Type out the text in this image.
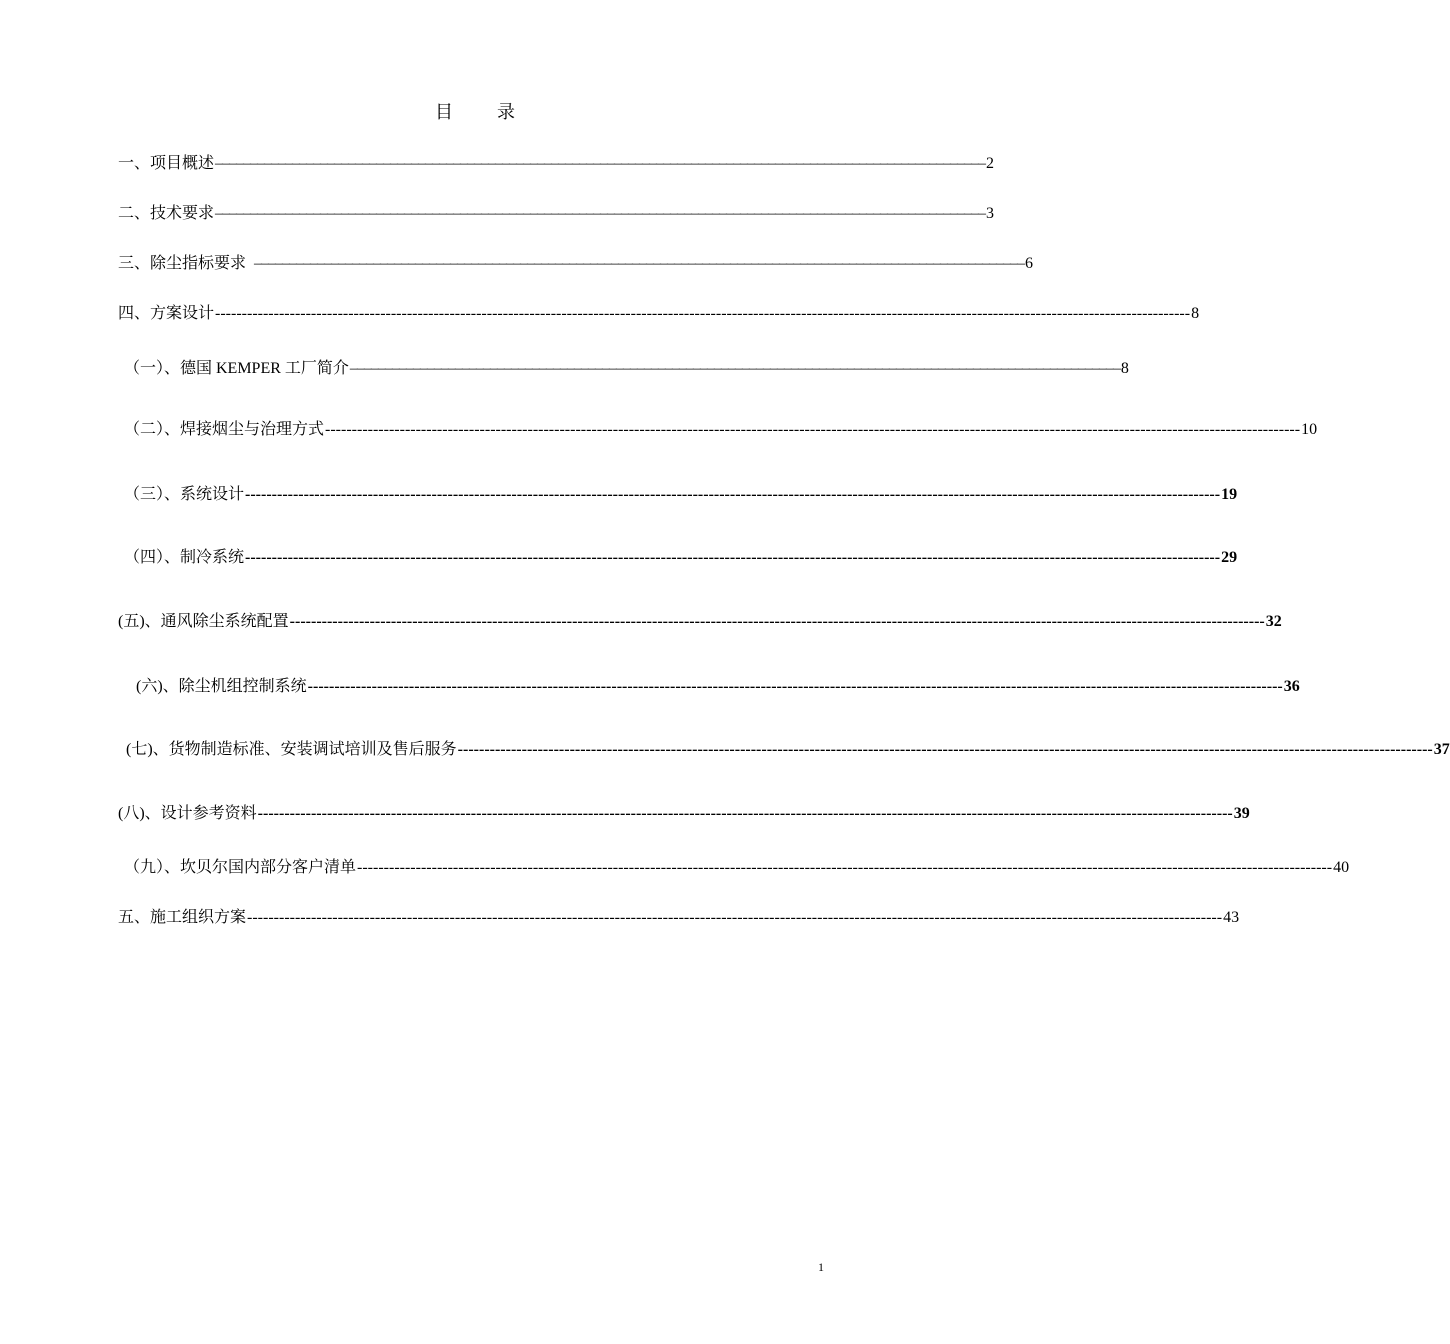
目 录
一、项目概述 –––––––––––––––––––––––––––––––––––––––––––––––––––––––––––––––––––––––––––––––––––––––––––––––––––––––––––––– 2
二、技术要求 –––––––––––––––––––––––––––––––––––––––––––––––––––––––––––––––––––––––––––––––––––––––––––––––––––––––––––––– 3
三、除尘指标要求 –––––––––––––––––––––––––––––––––––––––––––––––––––––––––––––––––––––––––––––––––––––––––––––––––––––––––––––– 6
四、方案设计 --------------------------------------------------------------------------------------------------------------------------------------------------------------------------------------- 8
（一）、德国 KEMPER 工厂简介 –––––––––––––––––––––––––––––––––––––––––––––––––––––––––––––––––––––––––––––––––––––––––––––––––––––––––––––– 8
（二）、焊接烟尘与治理方式 --------------------------------------------------------------------------------------------------------------------------------------------------------------------------------------- 10
（三）、系统设计 --------------------------------------------------------------------------------------------------------------------------------------------------------------------------------------- 19
（四）、制冷系统 --------------------------------------------------------------------------------------------------------------------------------------------------------------------------------------- 29
(五)、通风除尘系统配置 --------------------------------------------------------------------------------------------------------------------------------------------------------------------------------------- 32
(六)、除尘机组控制系统 --------------------------------------------------------------------------------------------------------------------------------------------------------------------------------------- 36
(七)、货物制造标准、安装调试培训及售后服务 --------------------------------------------------------------------------------------------------------------------------------------------------------------------------------------- 37
(八)、设计参考资料 --------------------------------------------------------------------------------------------------------------------------------------------------------------------------------------- 39
（九）、坎贝尔国内部分客户清单 --------------------------------------------------------------------------------------------------------------------------------------------------------------------------------------- 40
五、施工组织方案 --------------------------------------------------------------------------------------------------------------------------------------------------------------------------------------- 43
1
